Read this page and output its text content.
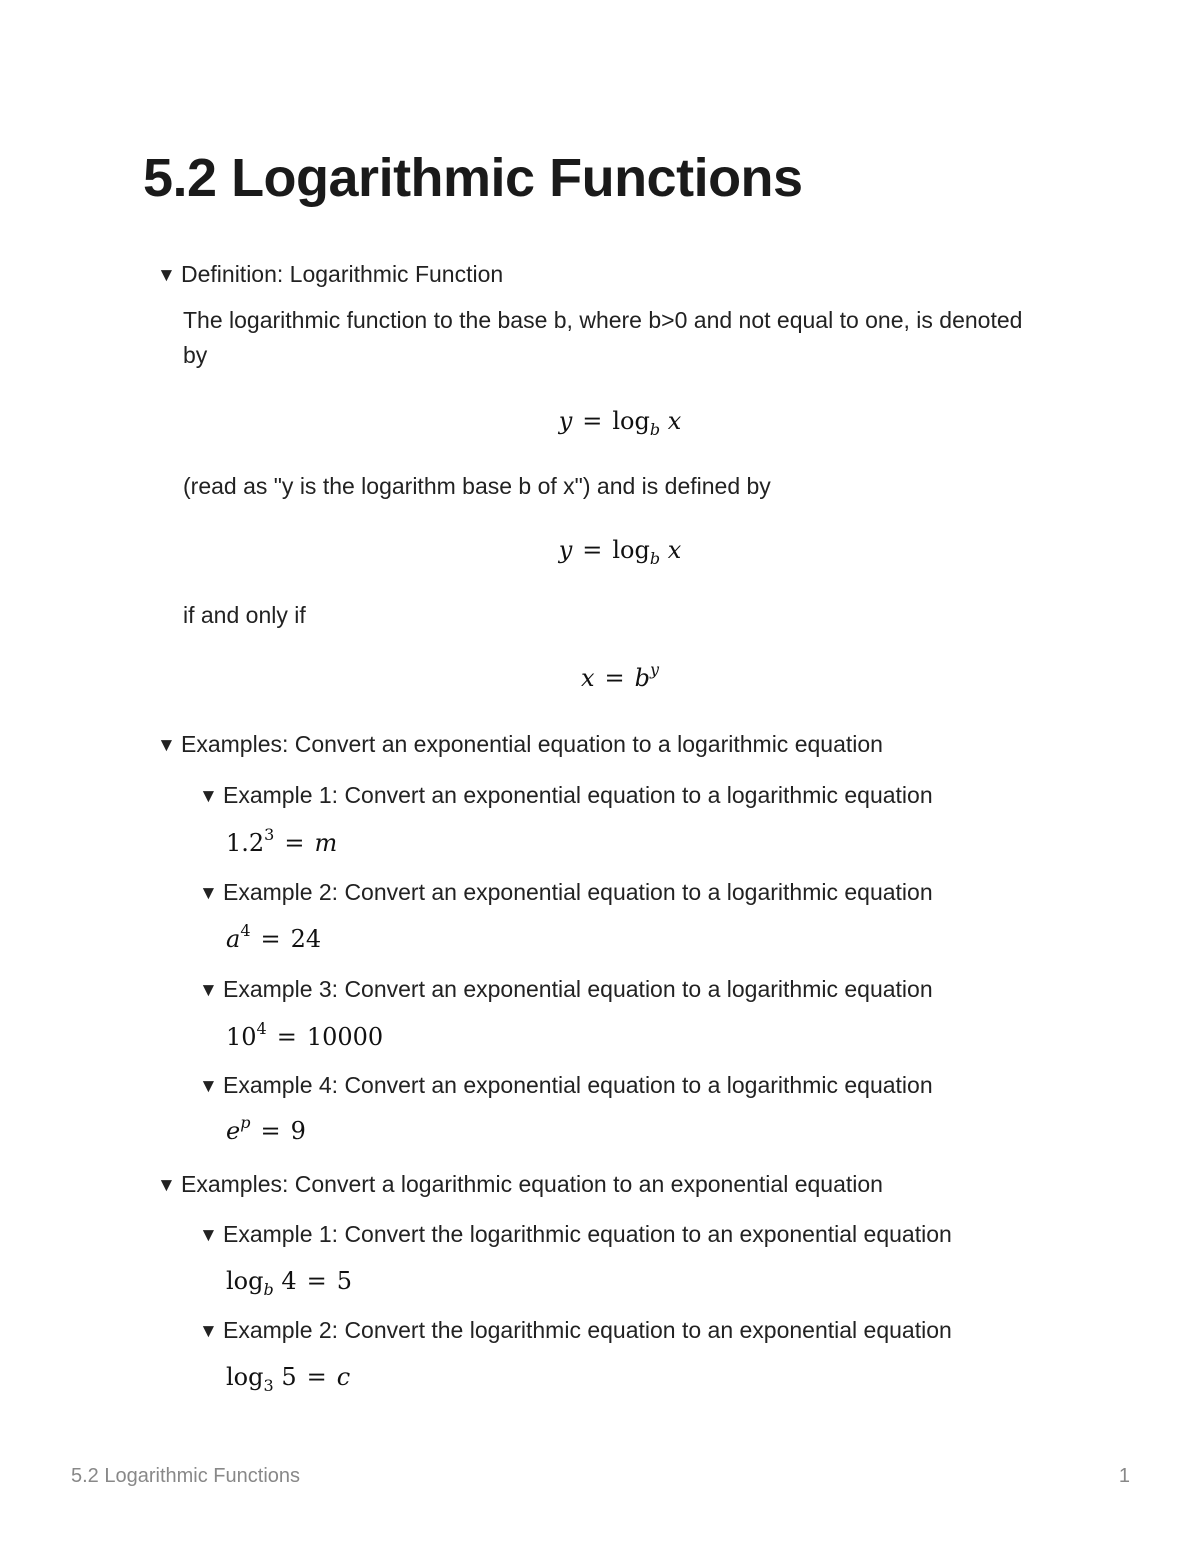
5.2 Logarithmic Functions
▼ Definition: Logarithmic Function
The logarithmic function to the base b, where b>0 and not equal to one, is denoted by
$y = \log_b x$
(read as "y is the logarithm base b of x") and is defined by
$y = \log_b x$
if and only if
$x = b^y$
▼ Examples: Convert an exponential equation to a logarithmic equation
▼ Example 1: Convert an exponential equation to a logarithmic equation
$1.2^3 = m$
▼ Example 2: Convert an exponential equation to a logarithmic equation
$a^4 = 24$
▼ Example 3: Convert an exponential equation to a logarithmic equation
$10^4 = 10000$
▼ Example 4: Convert an exponential equation to a logarithmic equation
$e^p = 9$
▼ Examples: Convert a logarithmic equation to an exponential equation
▼ Example 1: Convert the logarithmic equation to an exponential equation
$\log_b 4 = 5$
▼ Example 2: Convert the logarithmic equation to an exponential equation
$\log_3 5 = c$
5.2 Logarithmic Functions	1
